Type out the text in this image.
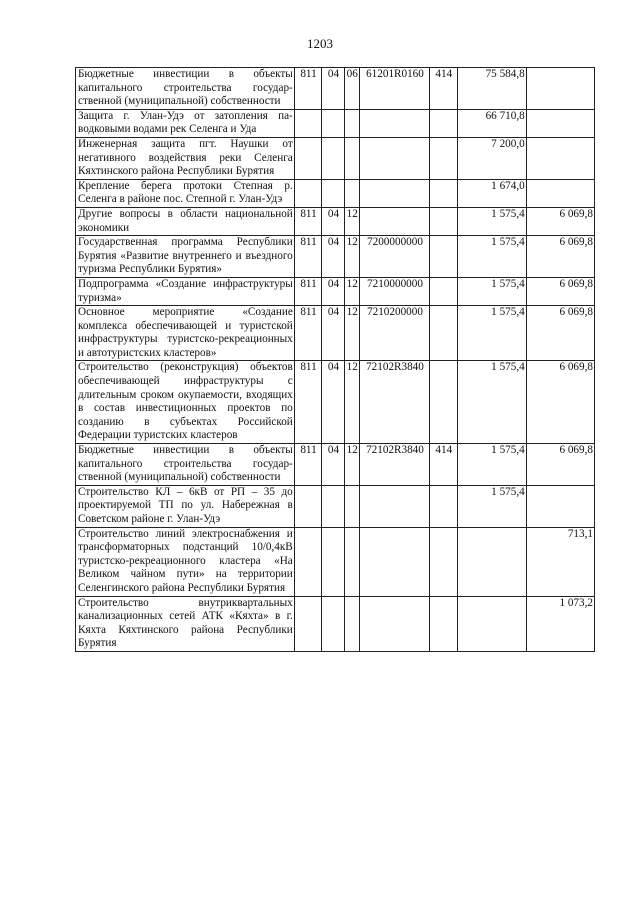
1203
Бюджетные инвестиции в объекты капитального строительства государственной (муниципальной) собственности	811	04	06	61201R0160	414	75 584,8	
Защита г. Улан-Удэ от затопления паводковыми водами рек Селенга и Уда						66 710,8	
Инженерная защита пгт. Наушки от негативного воздействия реки Селенга Кяхтинского района Республики Бурятия						7 200,0	
Крепление берега протоки Степная р. Селенга в районе пос. Степной г. Улан-Удэ						1 674,0	
Другие вопросы в области национальной экономики	811	04	12			1 575,4	6 069,8
Государственная программа Республики Бурятия «Развитие внутреннего и въездного туризма Республики Бурятия»	811	04	12	7200000000		1 575,4	6 069,8
Подпрограмма «Создание инфраструктуры туризма»	811	04	12	7210000000		1 575,4	6 069,8
Основное мероприятие «Создание комплекса обеспечивающей и туристской инфраструктуры туристско-рекреационных и автотуристских кластеров»	811	04	12	7210200000		1 575,4	6 069,8
Строительство (реконструкция) объектов обеспечивающей инфраструктуры с длительным сроком окупаемости, входящих в состав инвестиционных проектов по созданию в субъектах Российской Федерации туристских кластеров	811	04	12	72102R3840		1 575,4	6 069,8
Бюджетные инвестиции в объекты капитального строительства государственной (муниципальной) собственности	811	04	12	72102R3840	414	1 575,4	6 069,8
Строительство КЛ – 6кВ от РП – 35 до проектируемой ТП по ул. Набережная в Советском районе г. Улан-Удэ						1 575,4	
Строительство линий электроснабжения и трансформаторных подстанций 10/0,4кВ туристско-рекреационного кластера «На Великом чайном пути» на территории Селенгинского района Республики Бурятия							713,1
Строительство внутриквартальных канализационных сетей АТК «Кяхта» в г. Кяхта Кяхтинского района Республики Бурятия							1 073,2
